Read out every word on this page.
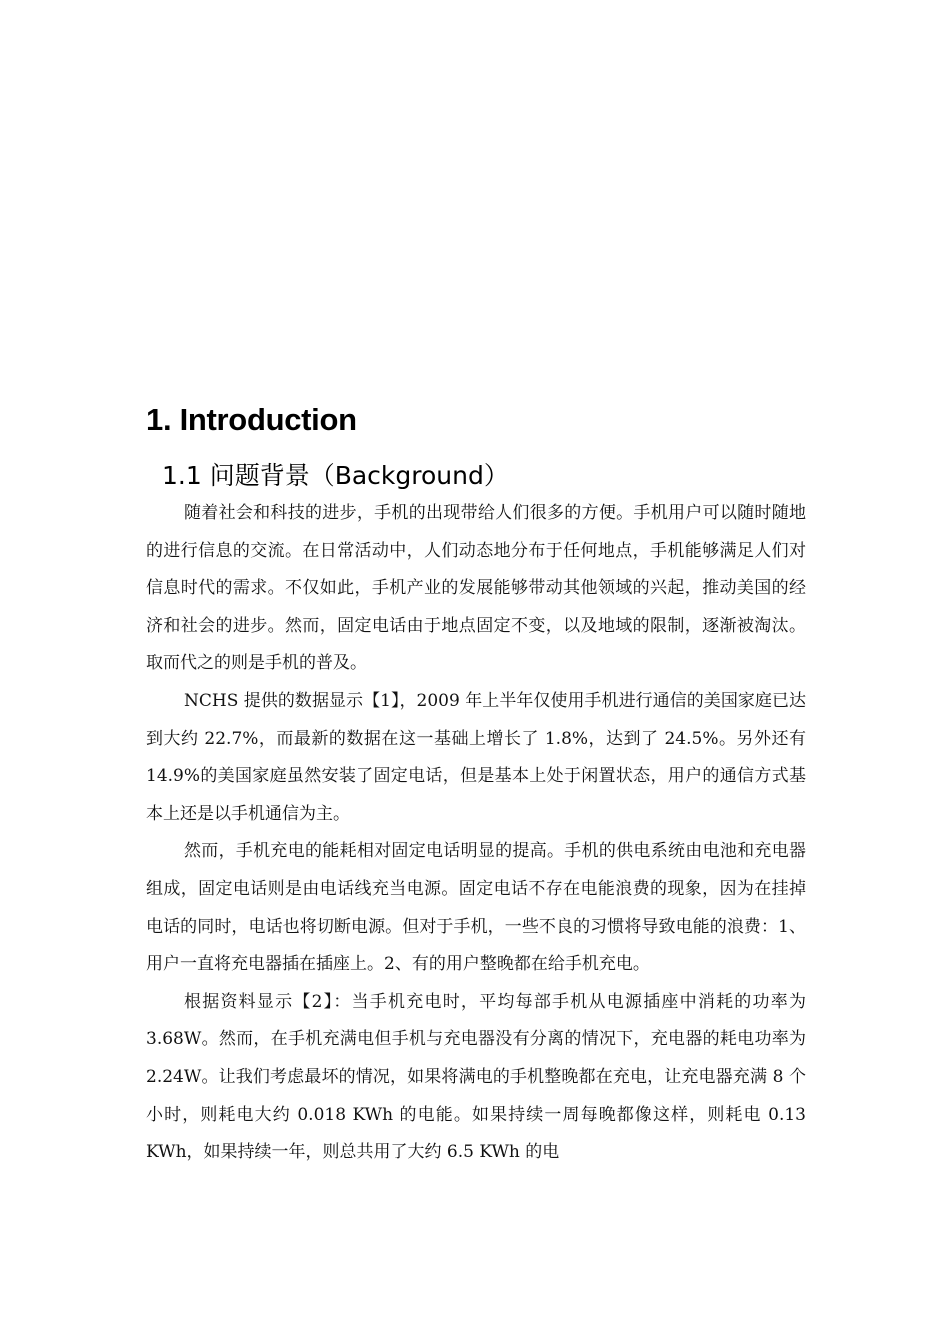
1. Introduction
1.1 问题背景（Background）

随着社会和科技的进步，手机的出现带给人们很多的方便。手机用户可以随时随地的进行信息的交流。在日常活动中，人们动态地分布于任何地点，手机能够满足人们对信息时代的需求。不仅如此，手机产业的发展能够带动其他领域的兴起，推动美国的经济和社会的进步。然而，固定电话由于地点固定不变，以及地域的限制，逐渐被淘汰。取而代之的则是手机的普及。

NCHS 提供的数据显示【1】，2009 年上半年仅使用手机进行通信的美国家庭已达到大约 22.7%，而最新的数据在这一基础上增长了 1.8%，达到了 24.5%。另外还有 14.9%的美国家庭虽然安装了固定电话，但是基本上处于闲置状态，用户的通信方式基本上还是以手机通信为主。

然而，手机充电的能耗相对固定电话明显的提高。手机的供电系统由电池和充电器组成，固定电话则是由电话线充当电源。固定电话不存在电能浪费的现象，因为在挂掉电话的同时，电话也将切断电源。但对于手机，一些不良的习惯将导致电能的浪费：1、用户一直将充电器插在插座上。2、有的用户整晚都在给手机充电。

根据资料显示【2】：当手机充电时，平均每部手机从电源插座中消耗的功率为 3.68W。然而，在手机充满电但手机与充电器没有分离的情况下，充电器的耗电功率为 2.24W。让我们考虑最坏的情况，如果将满电的手机整晚都在充电，让充电器充满 8 个小时，则耗电大约 0.018 KWh 的电能。如果持续一周每晚都像这样，则耗电 0.13 KWh，如果持续一年，则总共用了大约 6.5 KWh 的电
